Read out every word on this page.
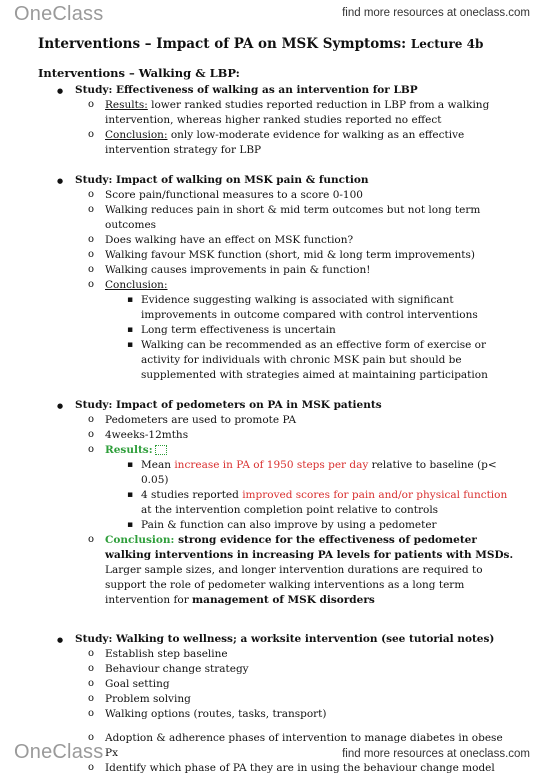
OneClass	find more resources at oneclass.com
Interventions – Impact of PA on MSK Symptoms: Lecture 4b
Interventions – Walking & LBP:
● Study: Effectiveness of walking as an intervention for LBP
o Results: lower ranked studies reported reduction in LBP from a walking intervention, whereas higher ranked studies reported no effect
o Conclusion: only low-moderate evidence for walking as an effective intervention strategy for LBP
● Study: Impact of walking on MSK pain & function
o Score pain/functional measures to a score 0-100
o Walking reduces pain in short & mid term outcomes but not long term outcomes
o Does walking have an effect on MSK function?
o Walking favour MSK function (short, mid & long term improvements)
o Walking causes improvements in pain & function!
o Conclusion:
▪ Evidence suggesting walking is associated with significant improvements in outcome compared with control interventions
▪ Long term effectiveness is uncertain
▪ Walking can be recommended as an effective form of exercise or activity for individuals with chronic MSK pain but should be supplemented with strategies aimed at maintaining participation
● Study: Impact of pedometers on PA in MSK patients
o Pedometers are used to promote PA
o 4weeks-12mths
o Results:
▪ Mean increase in PA of 1950 steps per day relative to baseline (p< 0.05)
▪ 4 studies reported improved scores for pain and/or physical function at the intervention completion point relative to controls
▪ Pain & function can also improve by using a pedometer
o Conclusion: strong evidence for the effectiveness of pedometer walking interventions in increasing PA levels for patients with MSDs. Larger sample sizes, and longer intervention durations are required to support the role of pedometer walking interventions as a long term intervention for management of MSK disorders
● Study: Walking to wellness; a worksite intervention (see tutorial notes)
o Establish step baseline
o Behaviour change strategy
o Goal setting
o Problem solving
o Walking options (routes, tasks, transport)
o Adoption & adherence phases of intervention to manage diabetes in obese Px
o Identify which phase of PA they are in using the behaviour change model
OneClass	find more resources at oneclass.com
